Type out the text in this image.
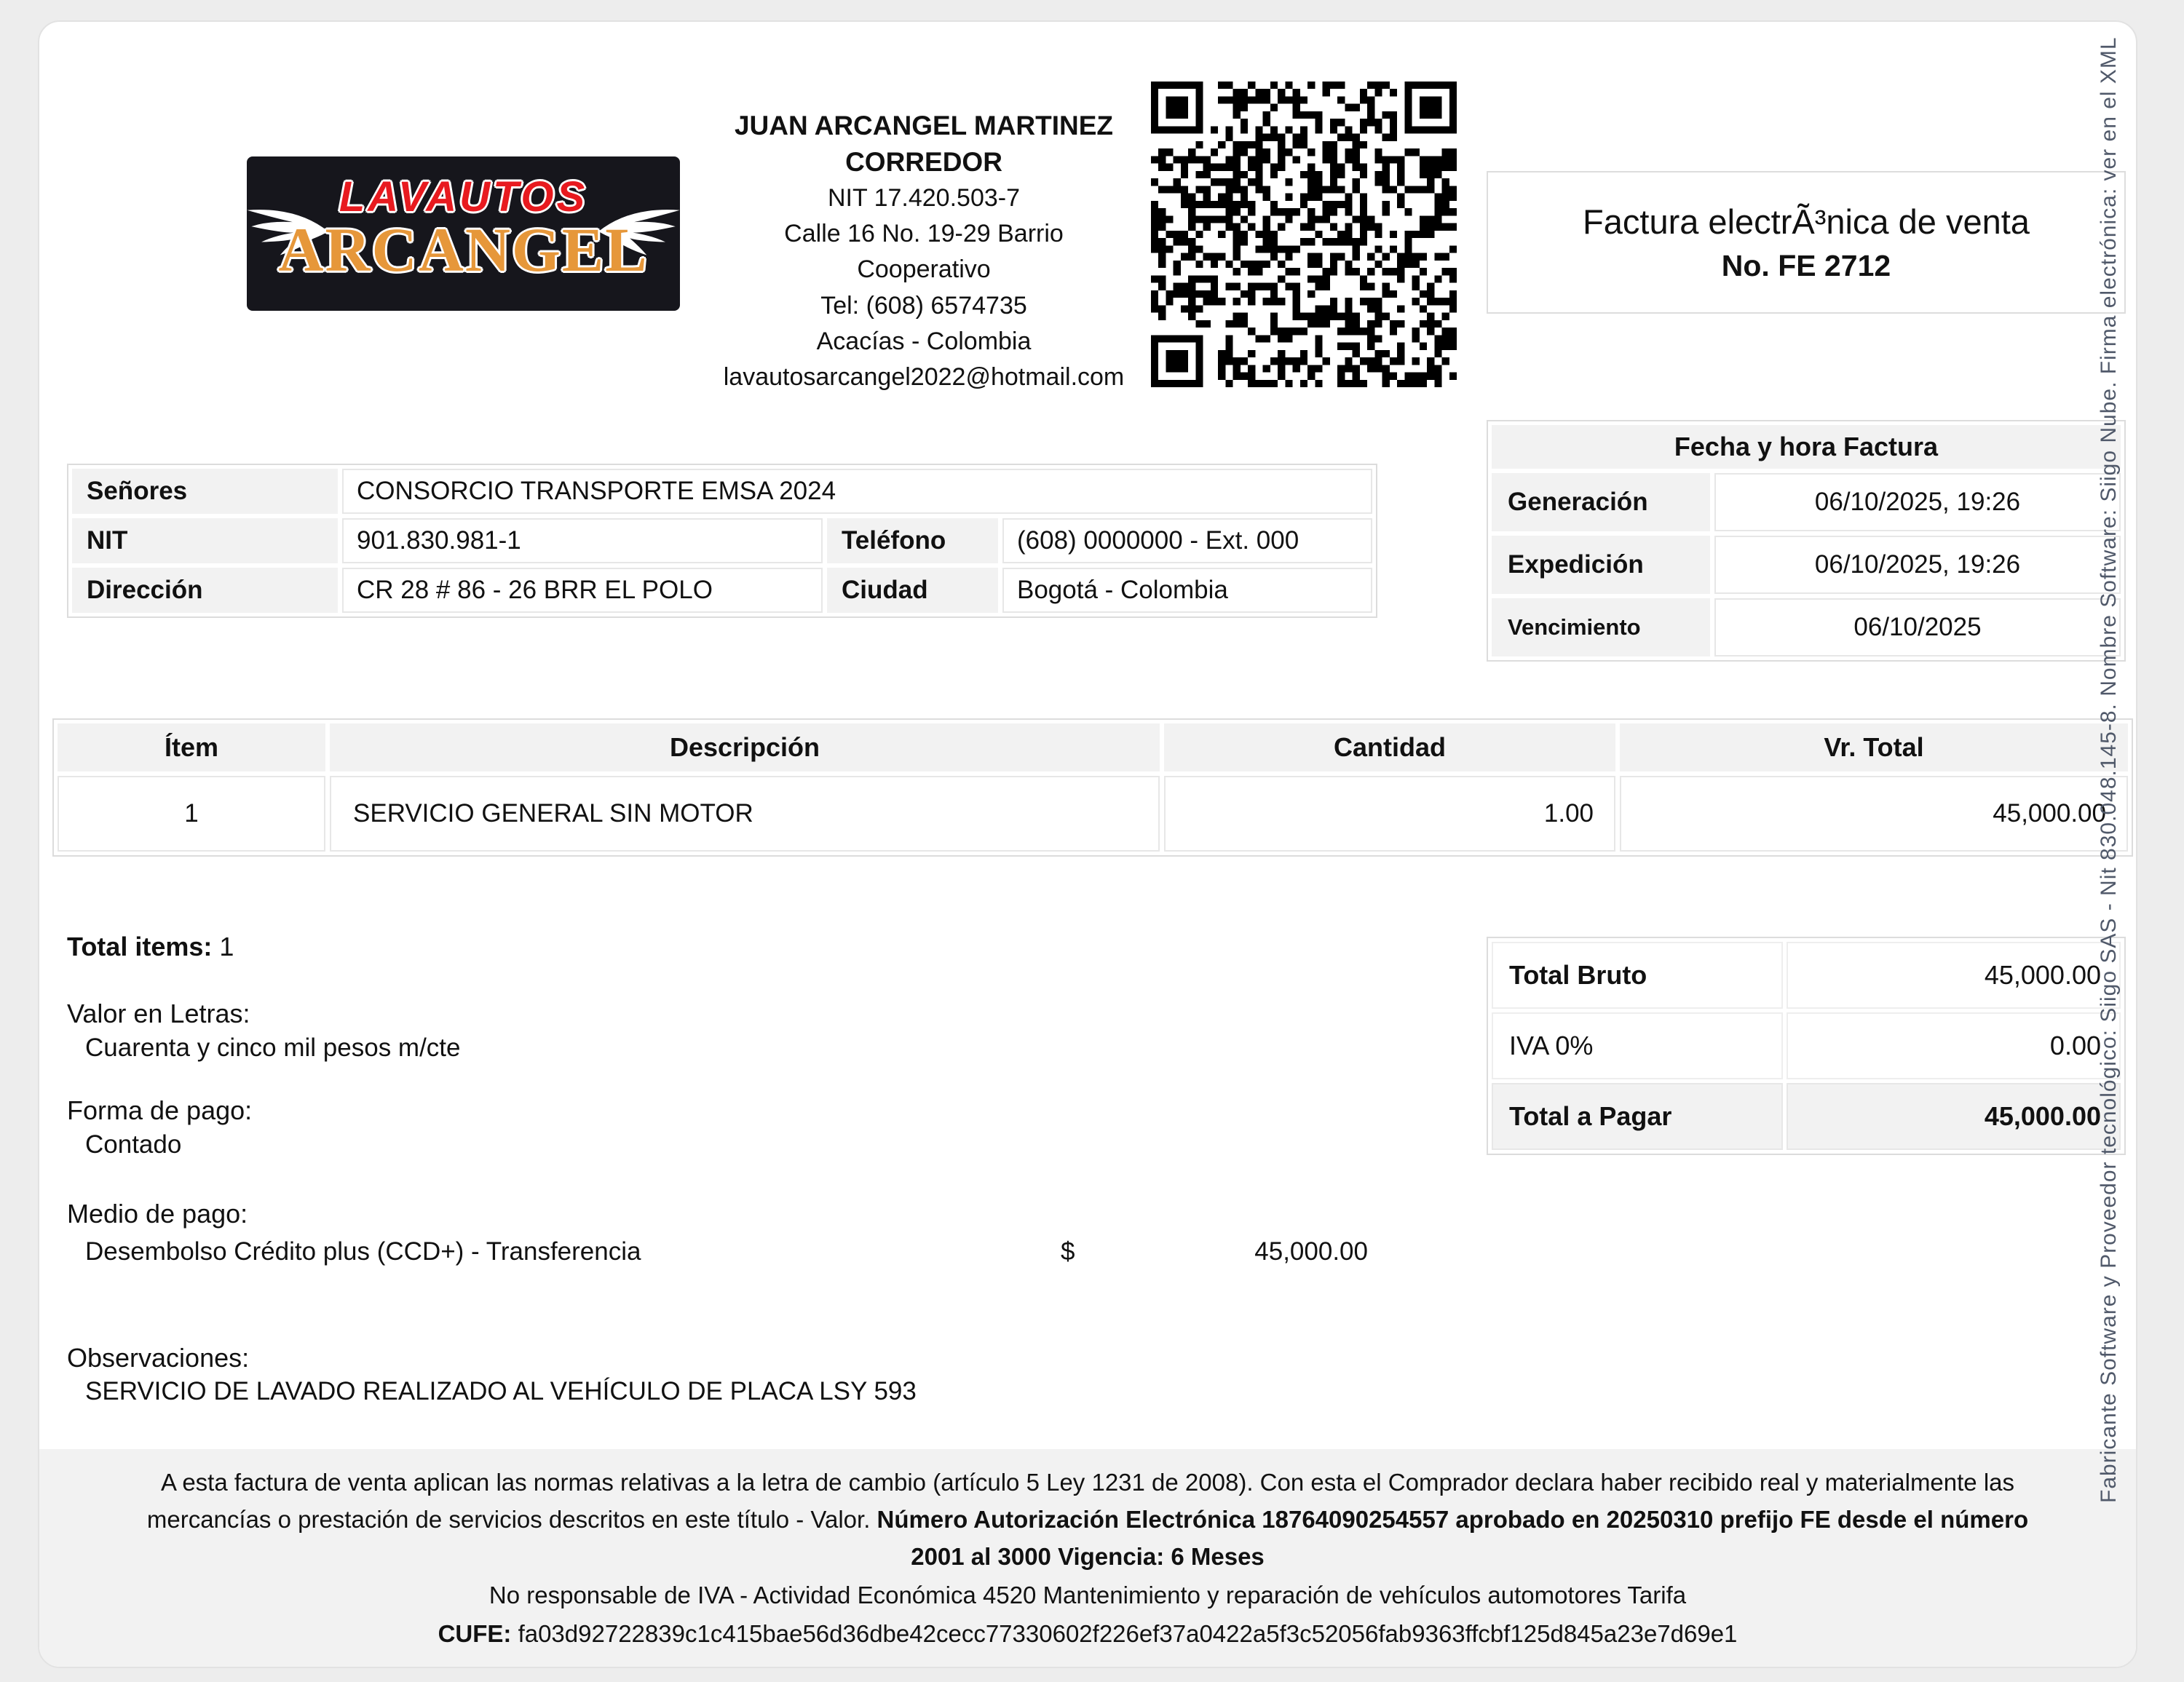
LAVAUTOS
ARCANGEL
JUAN ARCANGEL MARTINEZ
CORREDOR
NIT 17.420.503-7
Calle 16 No. 19-29 Barrio
Cooperativo
Tel: (608) 6574735
Acacías - Colombia
lavautosarcangel2022@hotmail.com
Factura electrÃ³nica de venta
No. FE 2712
Señores	CONSORCIO TRANSPORTE EMSA 2024
NIT	901.830.981-1	Teléfono	(608) 0000000 - Ext. 000
Dirección	CR 28 # 86 - 26 BRR EL POLO	Ciudad	Bogotá - Colombia
Fecha y hora Factura
Generación	06/10/2025, 19:26
Expedición	06/10/2025, 19:26
Vencimiento	06/10/2025
Ítem	Descripción	Cantidad	Vr. Total
1	SERVICIO GENERAL SIN MOTOR	1.00	45,000.00
Total items: 1
Valor en Letras:
Cuarenta y cinco mil pesos m/cte
Forma de pago:
Contado
Medio de pago:
Desembolso Crédito plus (CCD+) - Transferencia	$	45,000.00
Observaciones:
SERVICIO DE LAVADO REALIZADO AL VEHÍCULO DE PLACA LSY 593
Total Bruto	45,000.00
IVA 0%	0.00
Total a Pagar	45,000.00
A esta factura de venta aplican las normas relativas a la letra de cambio (artículo 5 Ley 1231 de 2008). Con esta el Comprador declara haber recibido real y materialmente las mercancías o prestación de servicios descritos en este título - Valor. Número Autorización Electrónica 18764090254557 aprobado en 20250310 prefijo FE desde el número 2001 al 3000 Vigencia: 6 Meses
No responsable de IVA - Actividad Económica 4520 Mantenimiento y reparación de vehículos automotores Tarifa
CUFE: fa03d92722839c1c415bae56d36dbe42cecc77330602f226ef37a0422a5f3c52056fab9363ffcbf125d845a23e7d69e1
Fabricante Software y Proveedor tecnológico: Siigo SAS - Nit 830.048.145-8. Nombre Software: Siigo Nube. Firma electrónica: ver en el XML
